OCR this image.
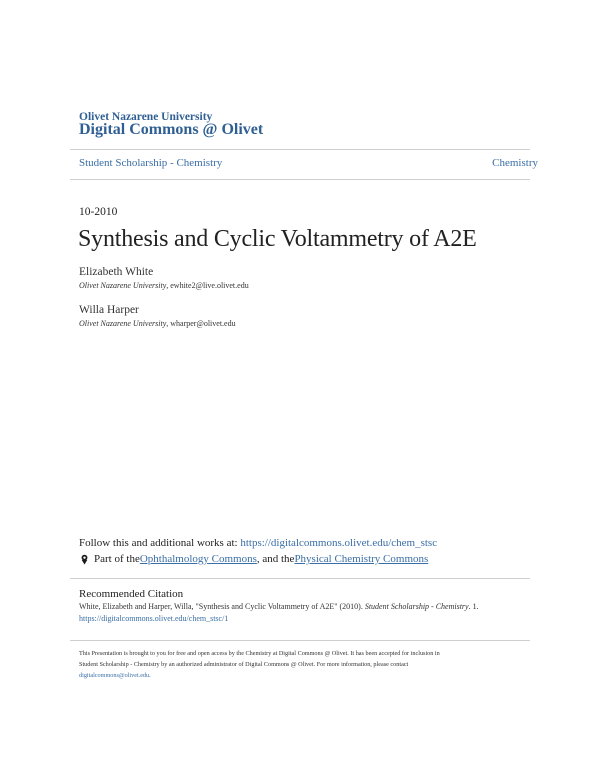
Olivet Nazarene University
Digital Commons @ Olivet
Student Scholarship - Chemistry	Chemistry
10-2010
Synthesis and Cyclic Voltammetry of A2E
Elizabeth White
Olivet Nazarene University, ewhite2@live.olivet.edu
Willa Harper
Olivet Nazarene University, wharper@olivet.edu
Follow this and additional works at: https://digitalcommons.olivet.edu/chem_stsc
Part of the Ophthalmology Commons , and the Physical Chemistry Commons
Recommended Citation
White, Elizabeth and Harper, Willa, "Synthesis and Cyclic Voltammetry of A2E" (2010). Student Scholarship - Chemistry. 1.
https://digitalcommons.olivet.edu/chem_stsc/1
This Presentation is brought to you for free and open access by the Chemistry at Digital Commons @ Olivet. It has been accepted for inclusion in
Student Scholarship - Chemistry by an authorized administrator of Digital Commons @ Olivet. For more information, please contact
digitalcommons@olivet.edu.
